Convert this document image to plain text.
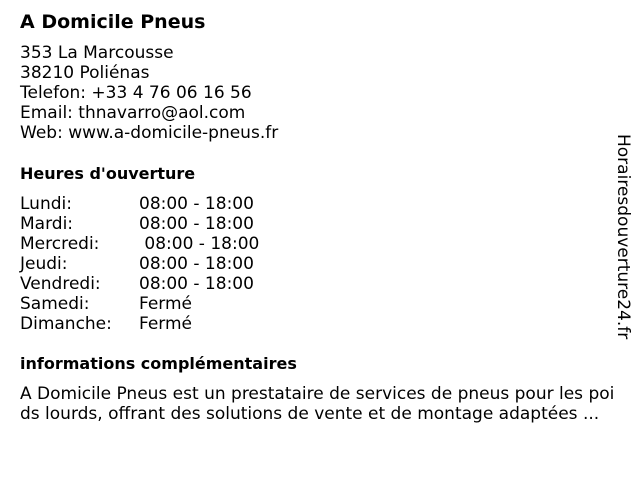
A Domicile Pneus
353 La Marcousse
38210 Poliénas
Telefon: +33 4 76 06 16 56
Email: thnavarro@aol.com
Web: www.a-domicile-pneus.fr
Heures d'ouverture
Lundi:	08:00 - 18:00
Mardi:	08:00 - 18:00
Mercredi: 08:00 - 18:00
Jeudi:	08:00 - 18:00
Vendredi: 08:00 - 18:00
Samedi:	Fermé
Dimanche: Fermé
informations complémentaires
A Domicile Pneus est un prestataire de services de pneus pour les poids lourds, offrant des solutions de vente et de montage adaptées ...
Horairesdouverture24.fr
